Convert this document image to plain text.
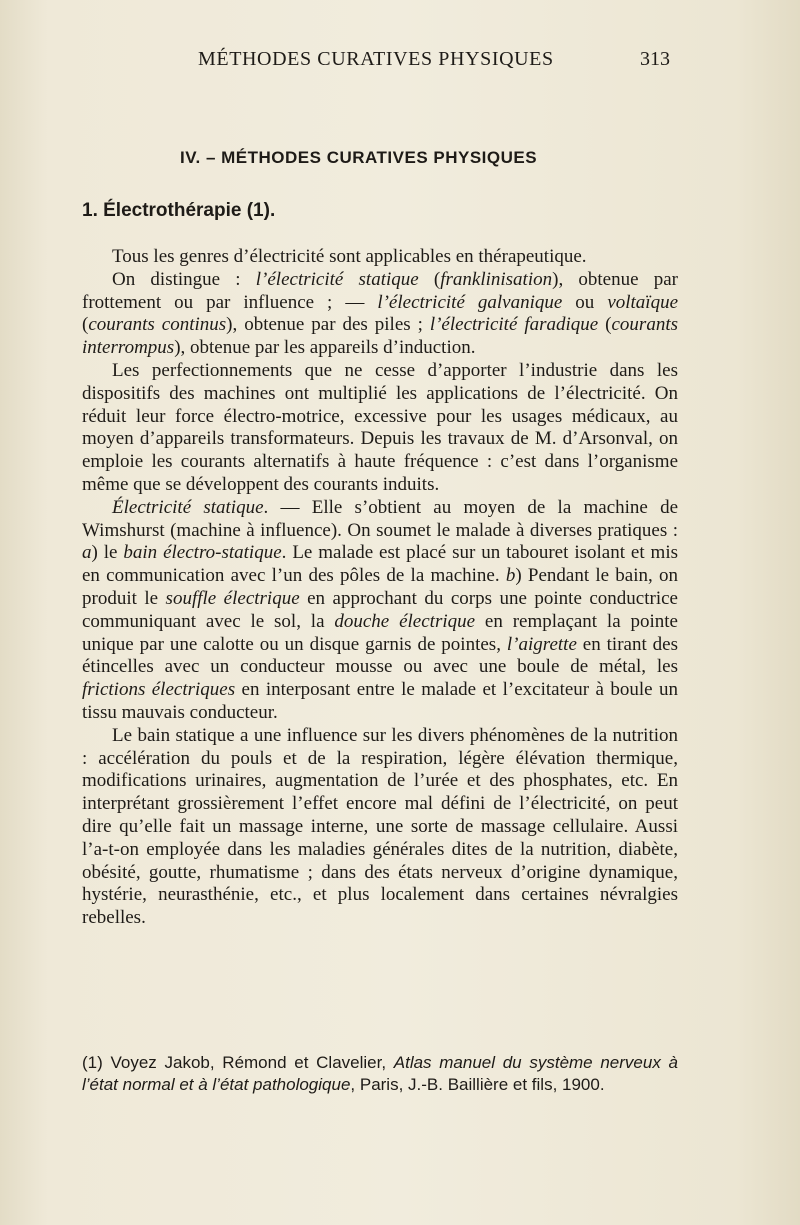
MÉTHODES CURATIVES PHYSIQUES	313
IV. – MÉTHODES CURATIVES PHYSIQUES
1. Électrothérapie (1).

Tous les genres d’électricité sont applicables en thérapeutique.

On distingue : l’électricité statique (franklinisation), obtenue par frottement ou par influence ; — l’électricité galvanique ou voltaïque (courants continus), obtenue par des piles ; l’électricité faradique (courants interrompus), obtenue par les appareils d’induction.

Les perfectionnements que ne cesse d’apporter l’industrie dans les dispositifs des machines ont multiplié les applications de l’électricité. On réduit leur force électro-motrice, excessive pour les usages médicaux, au moyen d’appareils transformateurs. Depuis les travaux de M. d’Arsonval, on emploie les courants alternatifs à haute fréquence : c’est dans l’organisme même que se développent des courants induits.

Électricité statique. — Elle s’obtient au moyen de la machine de Wimshurst (machine à influence). On soumet le malade à diverses pratiques : a) le bain électro-statique. Le malade est placé sur un tabouret isolant et mis en communication avec l’un des pôles de la machine. b) Pendant le bain, on produit le souffle électrique en approchant du corps une pointe conductrice communiquant avec le sol, la douche électrique en remplaçant la pointe unique par une calotte ou un disque garnis de pointes, l’aigrette en tirant des étincelles avec un conducteur mousse ou avec une boule de métal, les frictions électriques en interposant entre le malade et l’excitateur à boule un tissu mauvais conducteur.

Le bain statique a une influence sur les divers phénomènes de la nutrition : accélération du pouls et de la respiration, légère élévation thermique, modifications urinaires, augmentation de l’urée et des phosphates, etc. En interprétant grossièrement l’effet encore mal défini de l’électricité, on peut dire qu’elle fait un massage interne, une sorte de massage cellulaire. Aussi l’a-t-on employée dans les maladies générales dites de la nutrition, diabète, obésité, goutte, rhumatisme ; dans des états nerveux d’origine dynamique, hystérie, neurasthénie, etc., et plus localement dans certaines névralgies rebelles.

(1) Voyez Jakob, Rémond et Clavelier, Atlas manuel du système nerveux à l’état normal et à l’état pathologique, Paris, J.-B. Baillière et fils, 1900.
